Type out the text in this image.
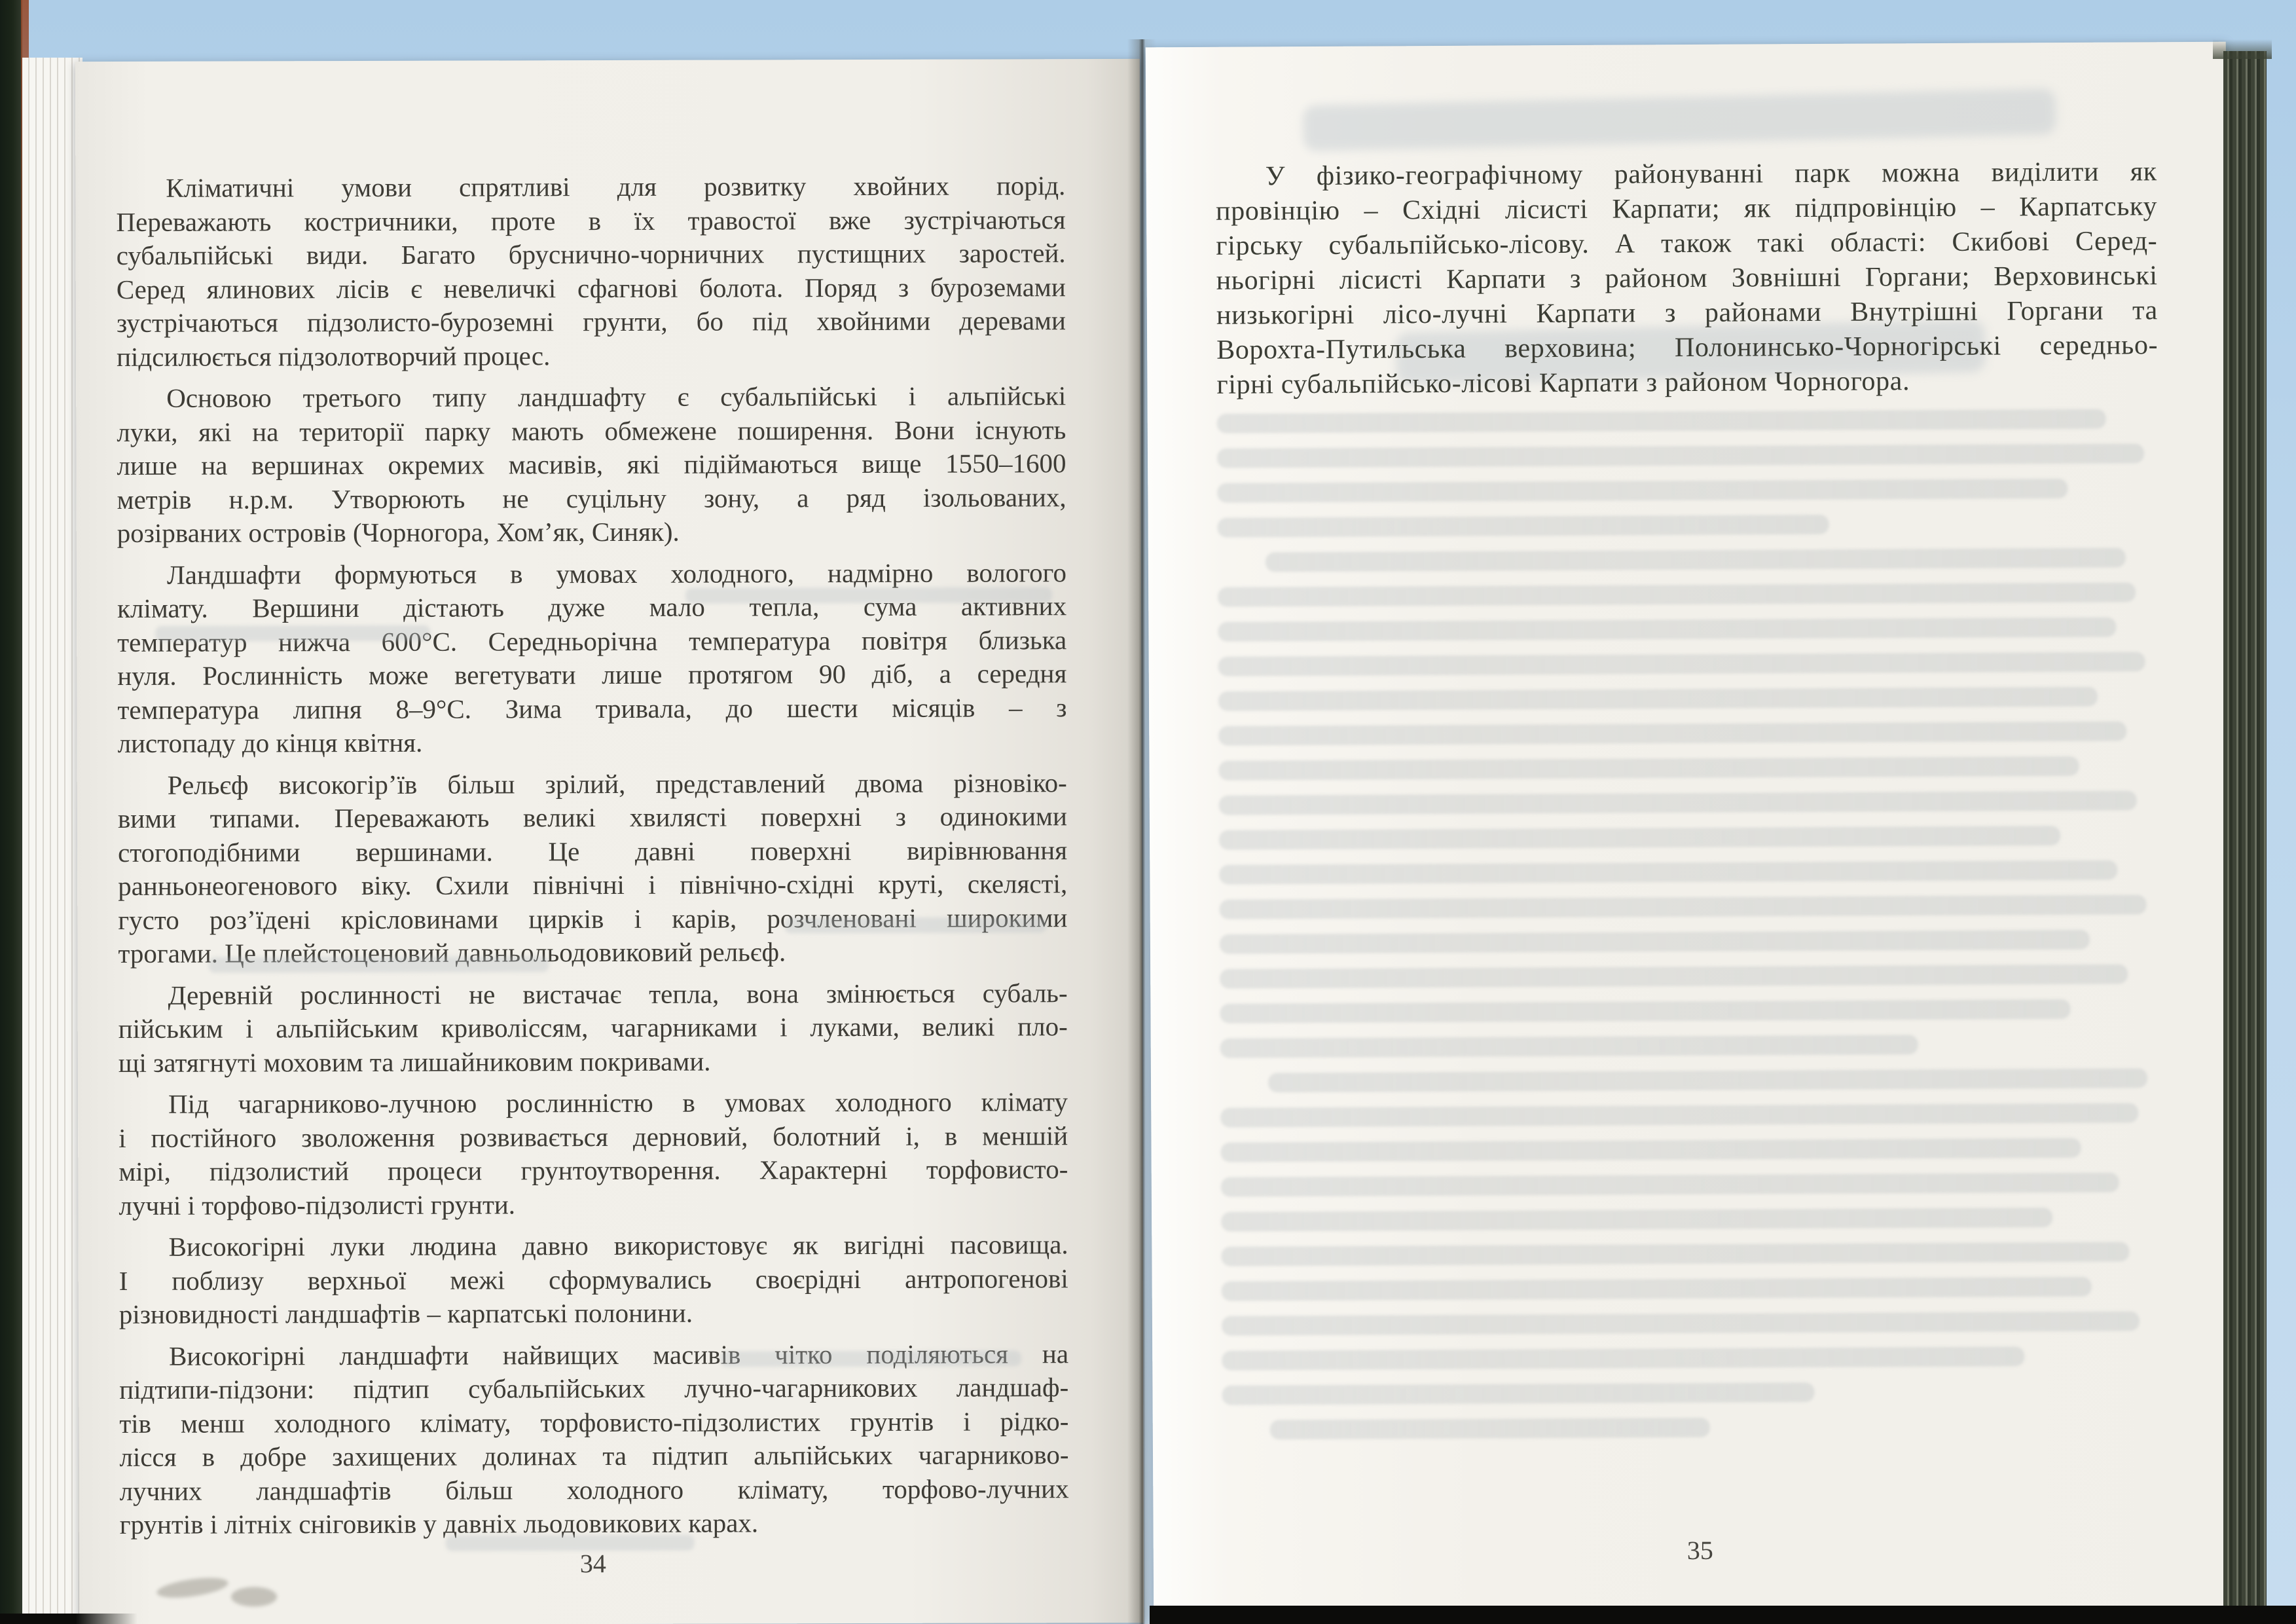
Кліматичні умови спрятливі для розвитку хвойних порід.
Переважають костричники, проте в їх травостої вже зустрічаються
субальпійські види. Багато бруснично-чорничних пустищних заростей.
Серед ялинових лісів є невеличкі сфагнові болота. Поряд з буроземами
зустрічаються підзолисто-буроземні грунти, бо під хвойними деревами
підсилюється підзолотворчий процес.
Основою третього типу ландшафту є субальпійські і альпійські
луки, які на території парку мають обмежене поширення. Вони існують
лише на вершинах окремих масивів, які підіймаються вище 1550–1600
метрів н.р.м. Утворюють не суцільну зону, а ряд ізольованих,
розірваних островів (Чорногора, Хом’як, Синяк).
Ландшафти формуються в умовах холодного, надмірно вологого
клімату. Вершини дістають дуже мало тепла, сума активних
температур нижча 600°С. Середньорічна температура повітря близька
нуля. Рослинність може вегетувати лише протягом 90 діб, а середня
температура липня 8–9°С. Зима тривала, до шести місяців – з
листопаду до кінця квітня.
Рельєф високогір’їв більш зрілий, представлений двома різновіко-
вими типами. Переважають великі хвилясті поверхні з одинокими
стогоподібними вершинами. Це давні поверхні вирівнювання
ранньонеогенового віку. Схили північні і північно-східні круті, скелясті,
густо роз’їдені крісловинами цирків і карів, розчленовані широкими
трогами. Це плейстоценовий давньольодовиковий рельєф.
Деревній рослинності не вистачає тепла, вона змінюється субаль-
пійським і альпійським криволіссям, чагарниками і луками, великі пло-
щі затягнуті моховим та лишайниковим покривами.
Під чагарниково-лучною рослинністю в умовах холодного клімату
і постійного зволоження розвивається дерновий, болотний і, в меншій
мірі, підзолистий процеси грунтоутворення. Характерні торфовисто-
лучні і торфово-підзолисті грунти.
Високогірні луки людина давно використовує як вигідні пасовища.
І поблизу верхньої межі сформувались своєрідні антропогенові
різновидності ландшафтів – карпатські полонини.
Високогірні ландшафти найвищих масивів чітко поділяються на
підтипи-підзони: підтип субальпійських лучно-чагарникових ландшаф-
тів менш холодного клімату, торфовисто-підзолистих грунтів і рідко-
лісся в добре захищених долинах та підтип альпійських чагарниково-
лучних ландшафтів більш холодного клімату, торфово-лучних
грунтів і літніх сніговиків у давніх льодовикових карах.
34
У фізико-географічному районуванні парк можна виділити як
провінцію – Східні лісисті Карпати; як підпровінцію – Карпатську
гірську субальпійсько-лісову. А також такі області: Скибові Серед-
ньогірні лісисті Карпати з районом Зовнішні Горгани; Верховинські
низькогірні лісо-лучні Карпати з районами Внутрішні Горгани та
Ворохта-Путильська верховина; Полонинсько-Чорногірські середньо-
гірні субальпійсько-лісові Карпати з районом Чорногора.
35
